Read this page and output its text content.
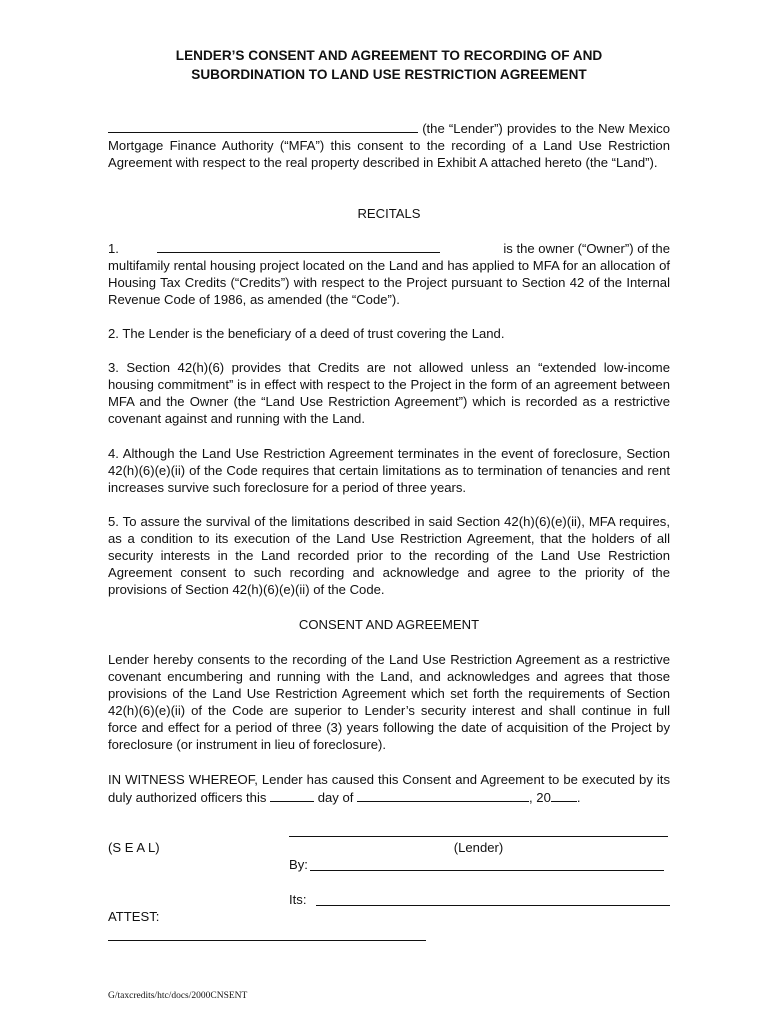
LENDER’S CONSENT AND AGREEMENT TO RECORDING OF AND
SUBORDINATION TO LAND USE RESTRICTION AGREEMENT
(the “Lender”) provides to the New Mexico Mortgage Finance Authority (“MFA”) this consent to the recording of a Land Use Restriction Agreement with respect to the real property described in Exhibit A attached hereto (the “Land”).
RECITALS
1.	is the owner (“Owner”) of the
multifamily rental housing project located on the Land and has applied to MFA for an allocation of Housing Tax Credits (“Credits”) with respect to the Project pursuant to Section 42 of the Internal Revenue Code of 1986, as amended (the “Code”).
2. The Lender is the beneficiary of a deed of trust covering the Land.
3. Section 42(h)(6) provides that Credits are not allowed unless an “extended low-income housing commitment” is in effect with respect to the Project in the form of an agreement between MFA and the Owner (the “Land Use Restriction Agreement”) which is recorded as a restrictive covenant against and running with the Land.
4. Although the Land Use Restriction Agreement terminates in the event of foreclosure, Section 42(h)(6)(e)(ii) of the Code requires that certain limitations as to termination of tenancies and rent increases survive such foreclosure for a period of three years.
5. To assure the survival of the limitations described in said Section 42(h)(6)(e)(ii), MFA requires, as a condition to its execution of the Land Use Restriction Agreement, that the holders of all security interests in the Land recorded prior to the recording of the Land Use Restriction Agreement consent to such recording and acknowledge and agree to the priority of the provisions of Section 42(h)(6)(e)(ii) of the Code.
CONSENT AND AGREEMENT
Lender hereby consents to the recording of the Land Use Restriction Agreement as a restrictive covenant encumbering and running with the Land, and acknowledges and agrees that those provisions of the Land Use Restriction Agreement which set forth the requirements of Section 42(h)(6)(e)(ii) of the Code are superior to Lender’s security interest and shall continue in full force and effect for a period of three (3) years following the date of acquisition of the Project by foreclosure (or instrument in lieu of foreclosure).
IN WITNESS WHEREOF, Lender has caused this Consent and Agreement to be executed by its duly authorized officers this	day of	, 20 .
(S E A L)	(Lender)
By:
Its:
ATTEST:
G/taxcredits/htc/docs/2000CNSENT
